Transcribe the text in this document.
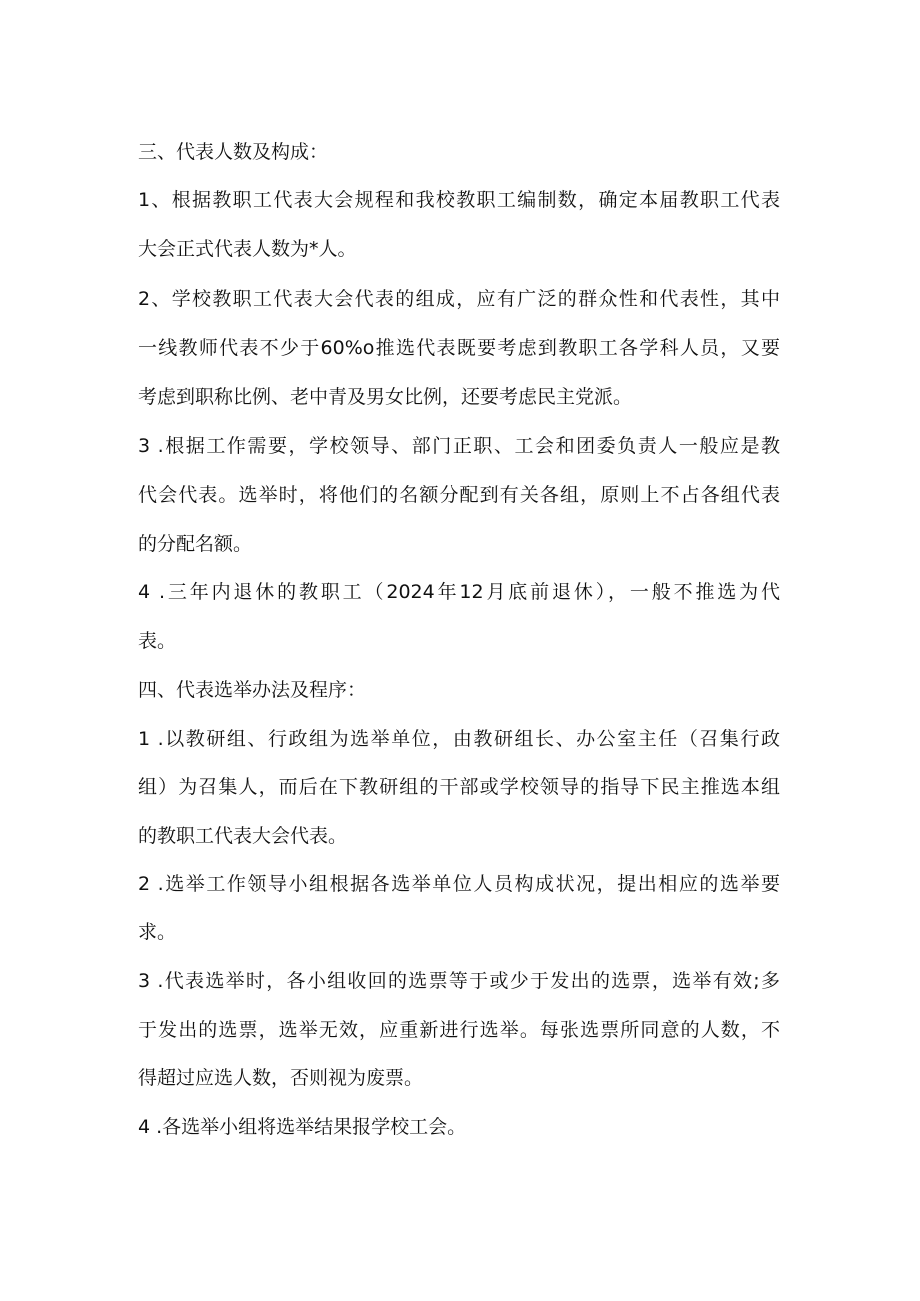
三、代表人数及构成：
1、根据教职工代表大会规程和我校教职工编制数，确定本届教职工代表
大会正式代表人数为*人。
2、学校教职工代表大会代表的组成，应有广泛的群众性和代表性，其中
一线教师代表不少于60%o推选代表既要考虑到教职工各学科人员，又要
考虑到职称比例、老中青及男女比例，还要考虑民主党派。
3 .根据工作需要，学校领导、部门正职、工会和团委负责人一般应是教
代会代表。选举时，将他们的名额分配到有关各组，原则上不占各组代表
的分配名额。
4 .三年内退休的教职工（2024年12月底前退休），一般不推选为代
表。
四、代表选举办法及程序：
1 .以教研组、行政组为选举单位，由教研组长、办公室主任（召集行政
组）为召集人，而后在下教研组的干部或学校领导的指导下民主推选本组
的教职工代表大会代表。
2 .选举工作领导小组根据各选举单位人员构成状况，提出相应的选举要
求。
3 .代表选举时，各小组收回的选票等于或少于发出的选票，选举有效;多
于发出的选票，选举无效，应重新进行选举。每张选票所同意的人数，不
得超过应选人数，否则视为废票。
4 .各选举小组将选举结果报学校工会。
